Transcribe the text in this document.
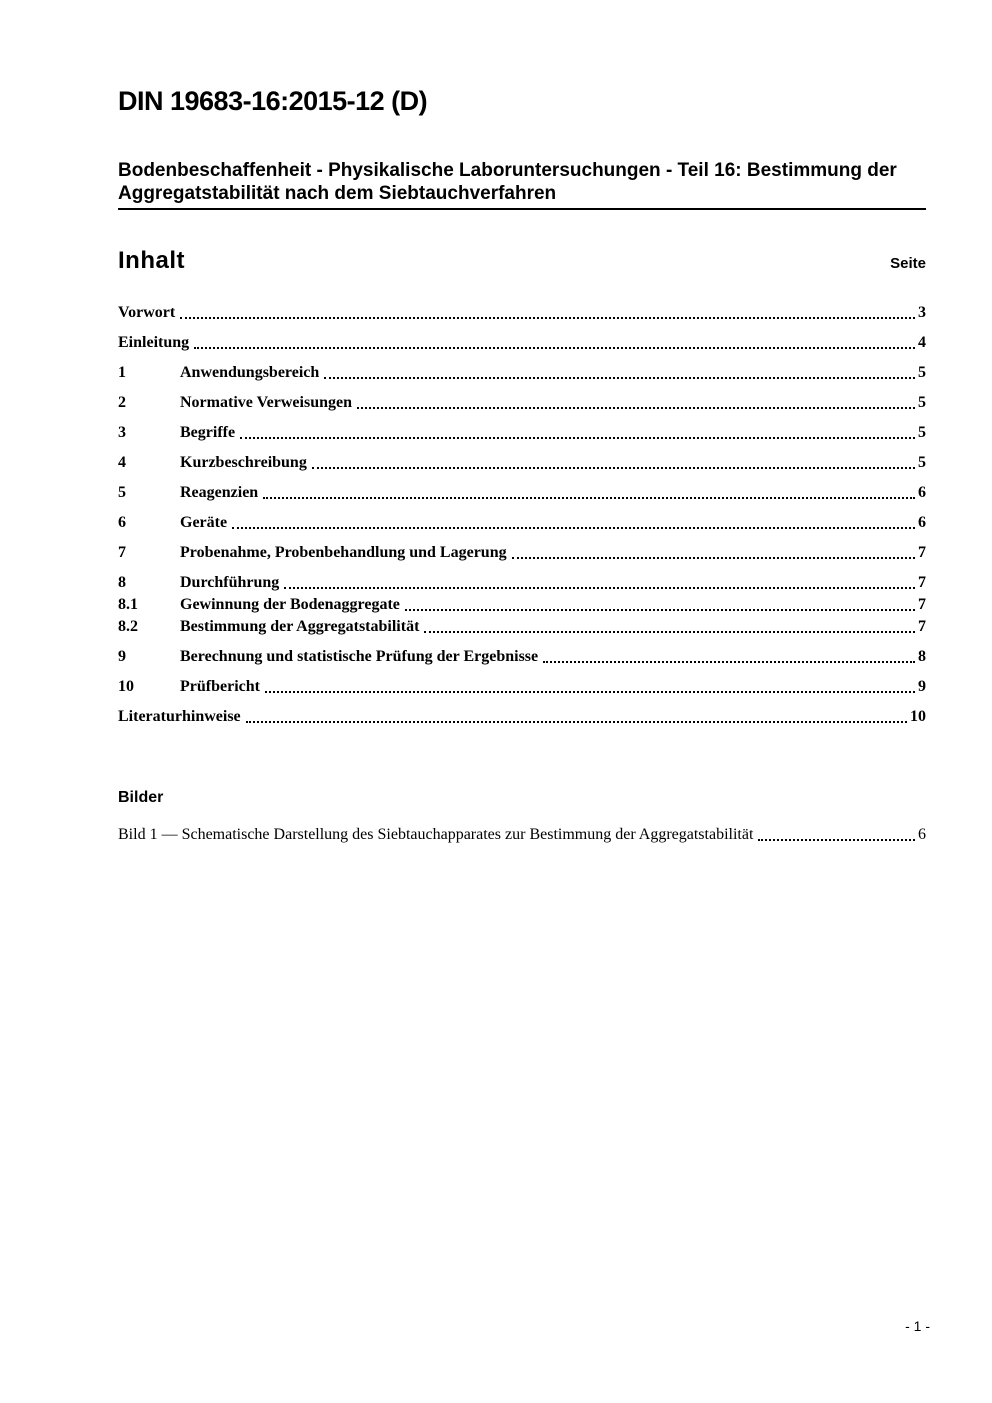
DIN 19683-16:2015-12 (D)
Bodenbeschaffenheit - Physikalische Laboruntersuchungen - Teil 16: Bestimmung der Aggregatstabilität nach dem Siebtauchverfahren
Inhalt	Seite
Vorwort	3
Einleitung	4
1	Anwendungsbereich	5
2	Normative Verweisungen	5
3	Begriffe	5
4	Kurzbeschreibung	5
5	Reagenzien	6
6	Geräte	6
7	Probenahme, Probenbehandlung und Lagerung	7
8	Durchführung	7
8.1	Gewinnung der Bodenaggregate	7
8.2	Bestimmung der Aggregatstabilität	7
9	Berechnung und statistische Prüfung der Ergebnisse	8
10	Prüfbericht	9
Literaturhinweise	10
Bilder
Bild 1 — Schematische Darstellung des Siebtauchapparates zur Bestimmung der Aggregatstabilität	6
- 1 -
